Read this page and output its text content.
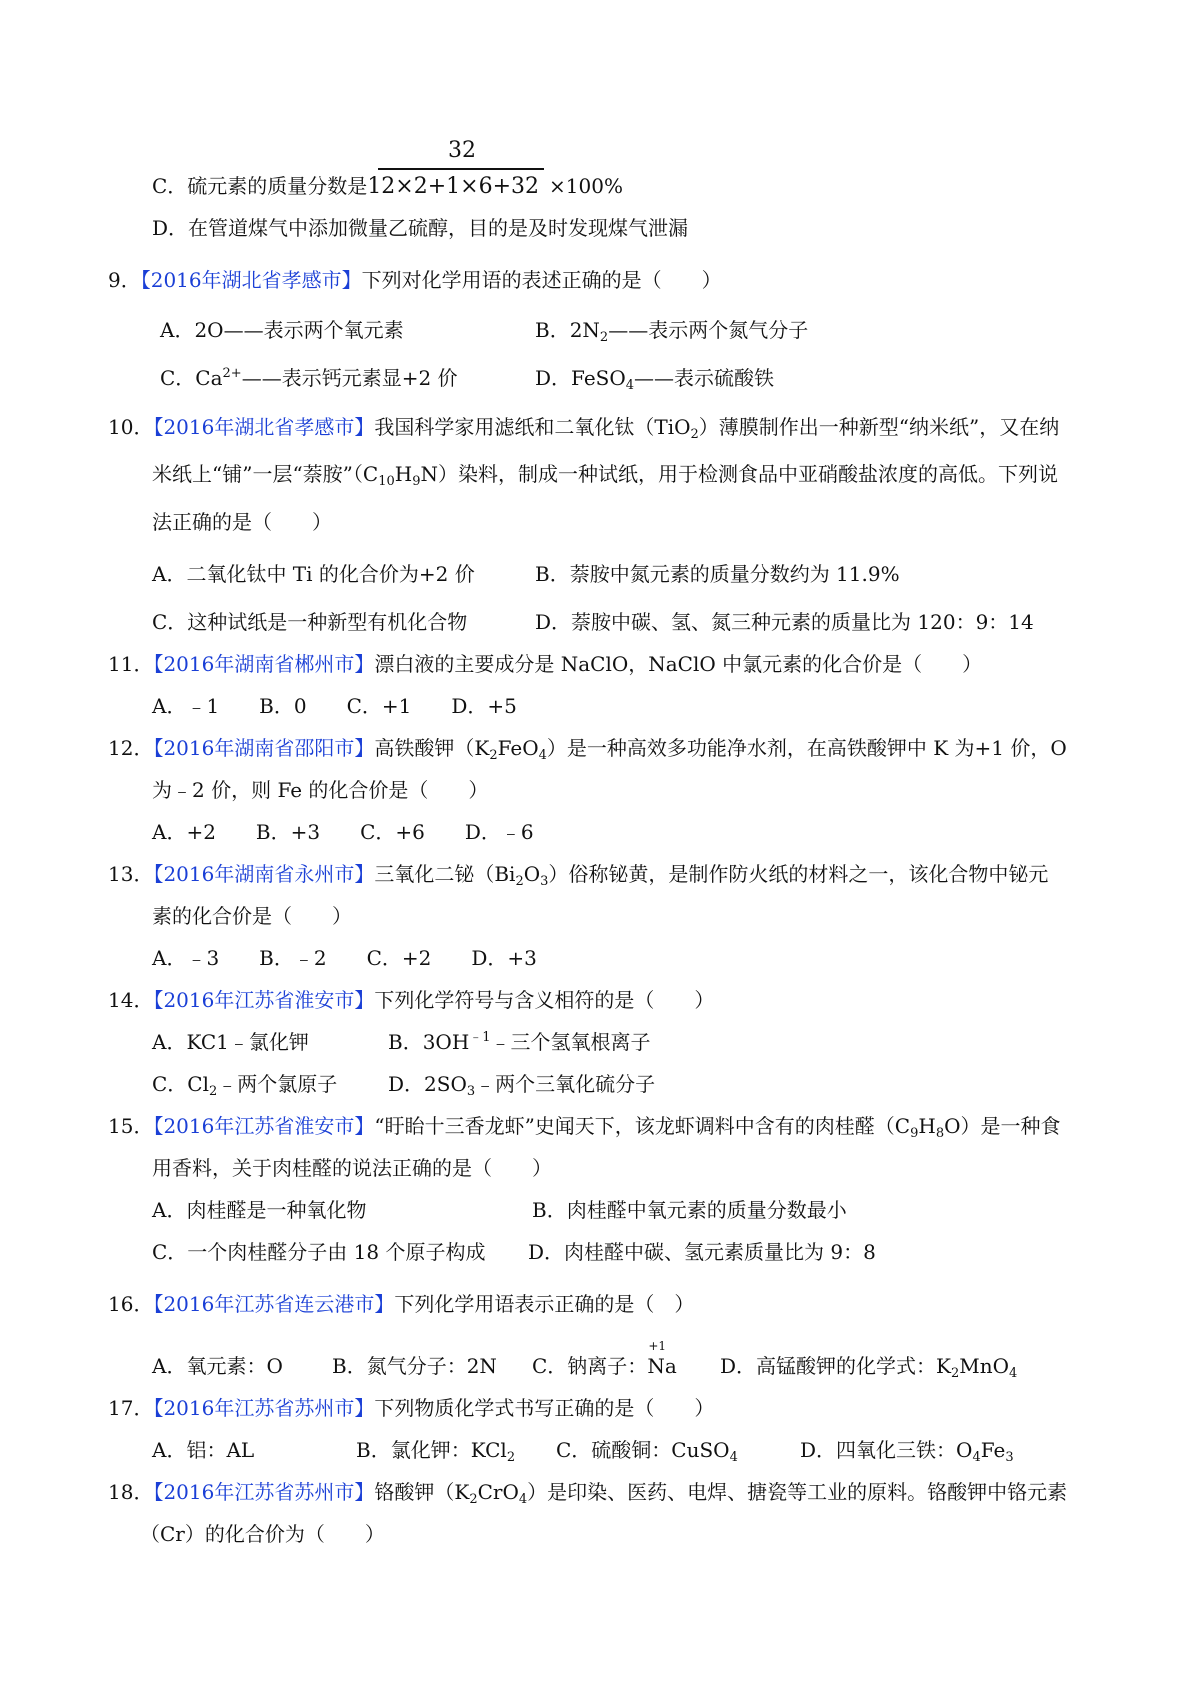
32
C．硫元素的质量分数是12×2+1×6+32 ×100%
D．在管道煤气中添加微量乙硫醇，目的是及时发现煤气泄漏
9．【2016年湖北省孝感市】下列对化学用语的表述正确的是（　　）
A．2O——表示两个氧元素	B．$2N_2——$表示两个氮气分子
C．$Ca^{2+}——$表示钙元素显+2 价	D．FeSO$_4$——表示硫酸铁
10．【2016年湖北省孝感市】我国科学家用滤纸和二氧化钛（TiO$_2$）薄膜制作出一种新型“纳米纸”，又在纳
米纸上“铺”一层“萘胺$”(C_{10}H_9N)$染料，制成一种试纸，用于检测食品中亚硝酸盐浓度的高低。下列说
法正确的是（　　）
A．二氧化钛中 Ti 的化合价为+2 价	B．萘胺中氮元素的质量分数约为 11.9%
C．这种试纸是一种新型有机化合物	D．萘胺中碳、氢、氮三种元素的质量比为 120：9：14
11．【2016年湖南省郴州市】漂白液的主要成分是 NaClO，NaClO 中氯元素的化合价是（　　）
A．﹣1　　B．0　　C．+1　　D．+5
12．【2016年湖南省邵阳市】高铁酸钾$(K_2FeO_4)$是一种高效多功能净水剂，在高铁酸钾中 K 为+1 价，O
为﹣2 价，则 Fe 的化合价是（　　）
A．+2　　B．+3　　C．+6　　D．﹣6
13．【2016年湖南省永州市】三氧化二铋$(Bi_2O_3)$俗称铋黄，是制作防火纸的材料之一，该化合物中铋元
素的化合价是（　　）
A．﹣3　　B．﹣2　　C．+2　　D．+3
14．【2016年江苏省淮安市】下列化学符号与含义相符的是（　　）
A．KC1﹣氯化钾	B．$3OH^{﹣1}﹣$三个氢氧根离子
C．$Cl_2﹣$两个氯原子	D．$2SO_3﹣$两个三氧化硫分子
15．【2016年江苏省淮安市】“盱眙十三香龙虾”史闻天下，该龙虾调料中含有的肉桂醛$(C_9H_8O)$是一种食
用香料，关于肉桂醛的说法正确的是（　　）
A．肉桂醛是一种氧化物	B．肉桂醛中氧元素的质量分数最小
C．一个肉桂醛分子由 18 个原子构成 D．肉桂醛中碳、氢元素质量比为 9：8
16．【2016年江苏省连云港市】下列化学用语表示正确的是（　）
A．氧元素：O B．氮气分子：2N C．钠离子：
+1
Na D．高锰酸钾的化学式：$K_2MnO_4$
17．【2016年江苏省苏州市】下列物质化学式书写正确的是（　　）
A．铝：AL	B．氯化钾：KCl$_2$ C．硫酸铜：CuSO$_4$	D．四氧化三铁：$O_4Fe_3$
18．【2016年江苏省苏州市】铬酸钾$(K_2CrO_4)$是印染、医药、电焊、搪瓷等工业的原料。铬酸钾中铬元素
（Cr）的化合价为（　　）
